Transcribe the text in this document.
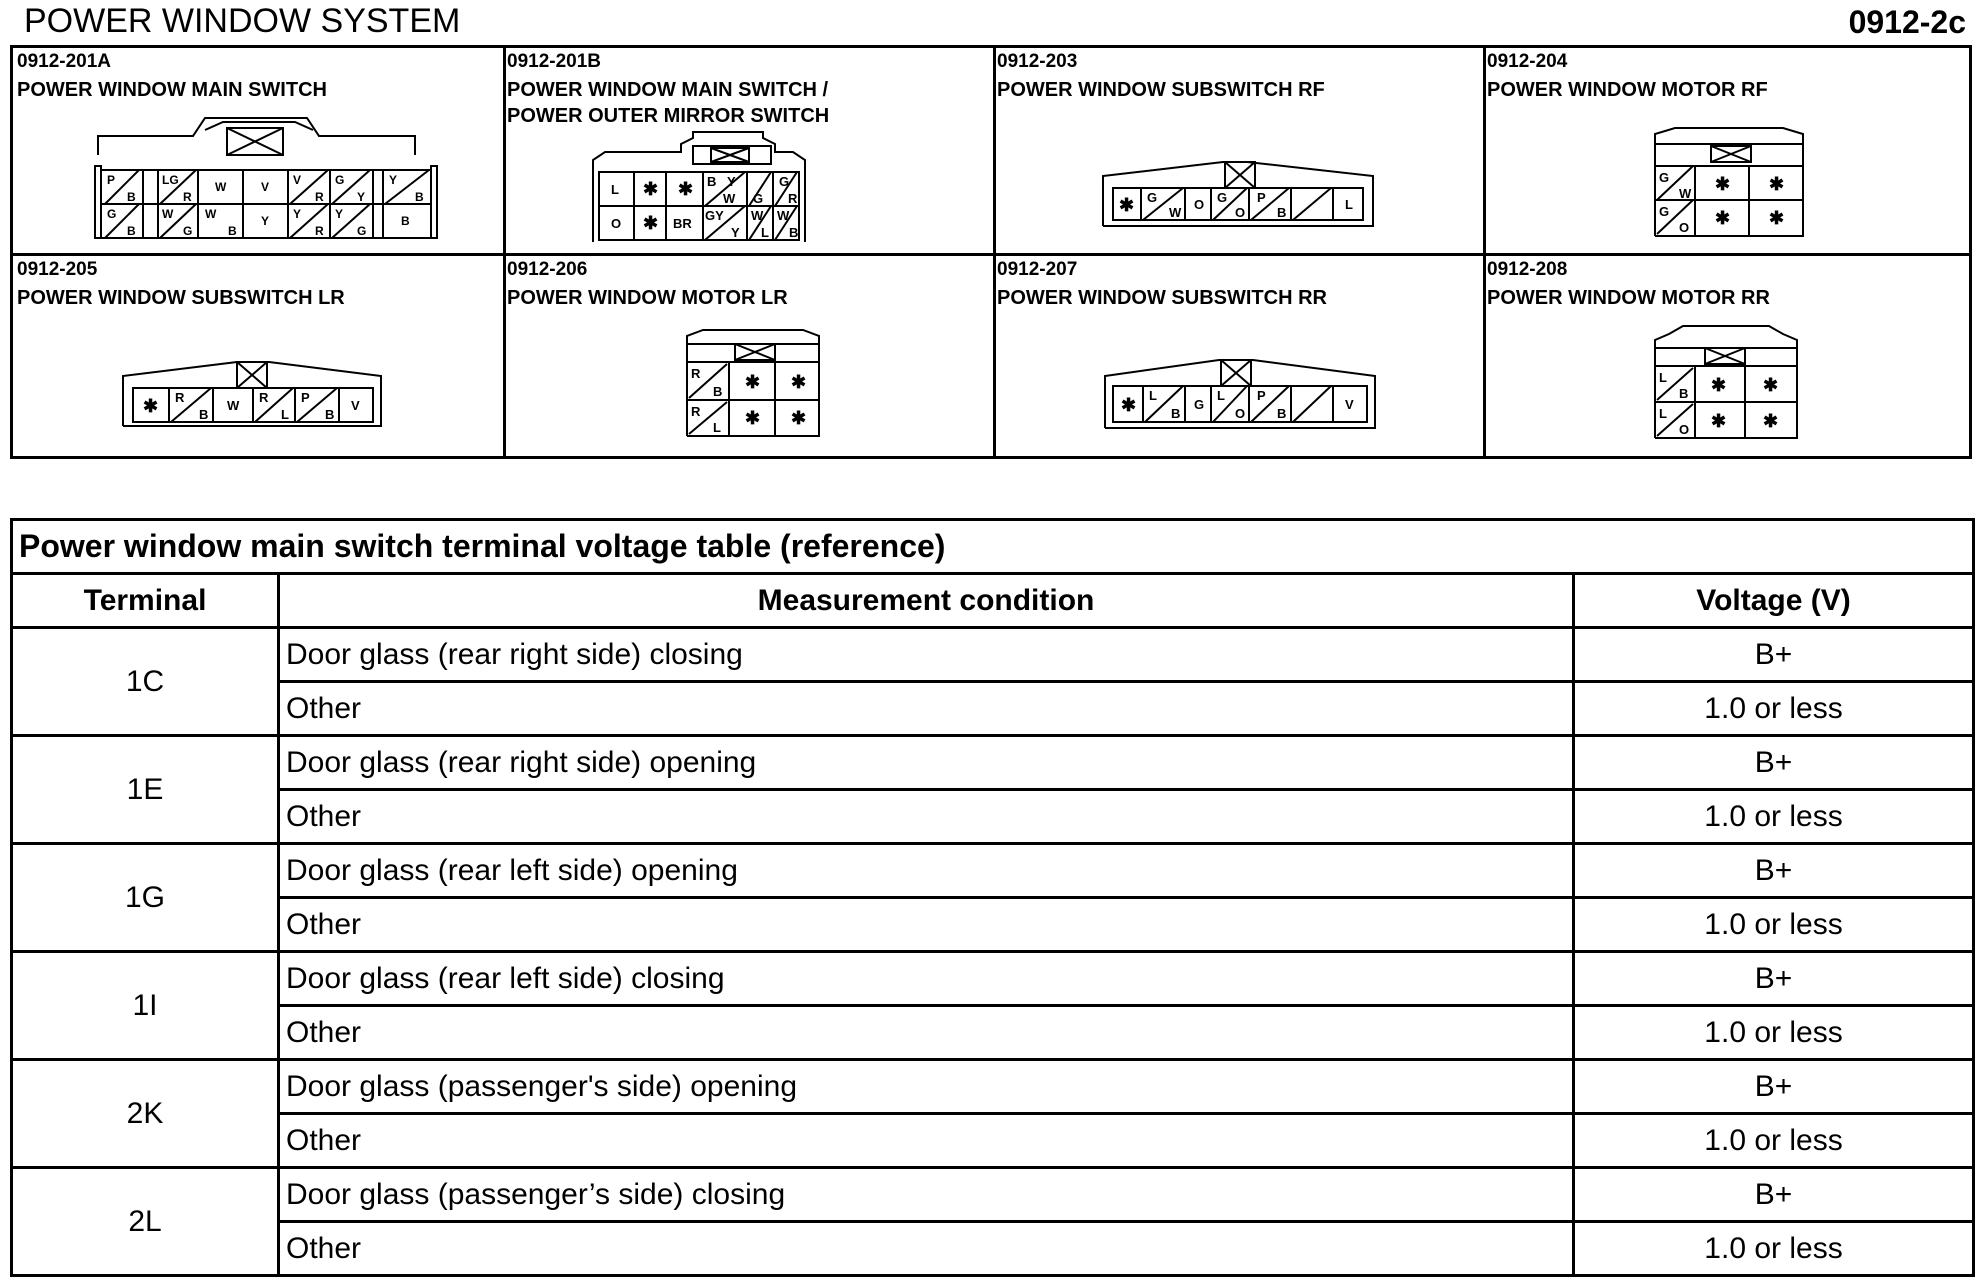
POWER WINDOW SYSTEM	0912-2c
0912-201A
POWER WINDOW MAIN SWITCH
P
B
LG
R
W	V V
R
G
Y
Y
B
G
B
W
G
W
B
Y Y
R
Y
G
B
0912-201B
POWER WINDOW MAIN SWITCH /
POWER OUTER MIRROR SWITCH
L ✱ ✱ B
W
Y
G
G
R
O ✱ BR
GY
Y
W
L
W
B
0912-203
POWER WINDOW SUBSWITCH RF
✱ G
W
O G
O
P
B
L
0912-204
POWER WINDOW MOTOR RF
G
W ✱ ✱
G
O ✱ ✱
0912-205
POWER WINDOW SUBSWITCH LR
✱ R
B
W
R
L
P
B
V
0912-206
POWER WINDOW MOTOR LR
R
B ✱ ✱
R
L ✱ ✱
0912-207
POWER WINDOW SUBSWITCH RR
✱ L
B
G
L
O
P
B
V
0912-208
POWER WINDOW MOTOR RR
L
B ✱ ✱
L
O ✱ ✱
Power window main switch terminal voltage table (reference)		
Terminal	Measurement condition	Voltage (V)
1C	Door glass (rear right side) closing	B+
	Other	1.0 or less
1E	Door glass (rear right side) opening	B+
	Other	1.0 or less
1G	Door glass (rear left side) opening	B+
	Other	1.0 or less
1I	Door glass (rear left side) closing	B+
	Other	1.0 or less
2K	Door glass (passenger's side) opening	B+
	Other	1.0 or less
2L	Door glass (passenger’s side) closing	B+
	Other	1.0 or less
